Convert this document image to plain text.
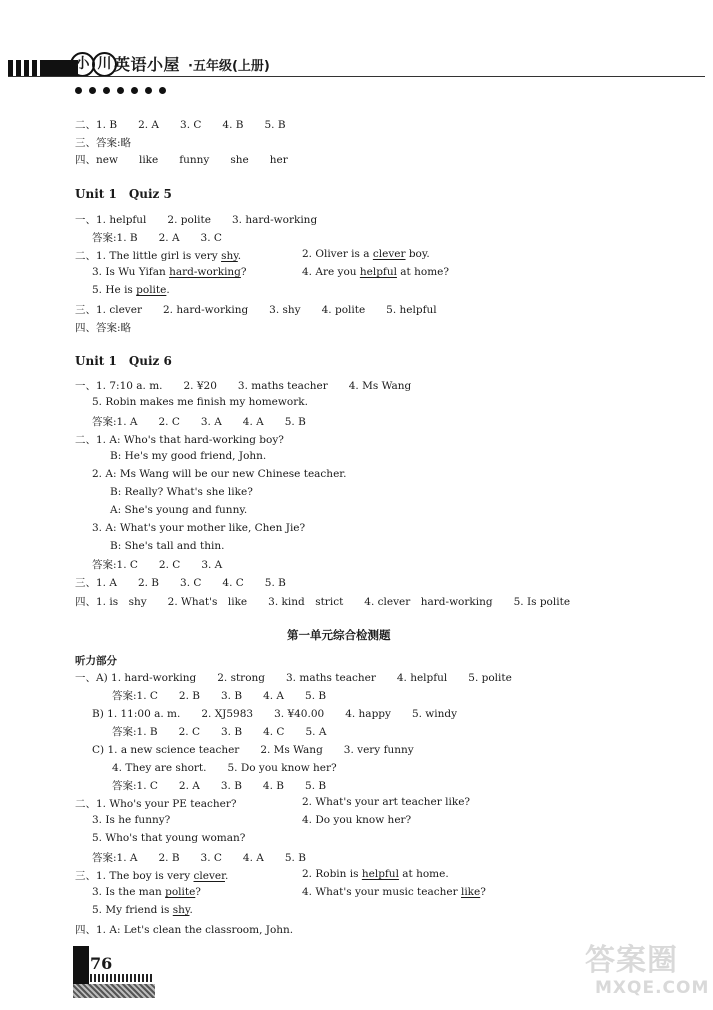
小 川 英语小屋 ·五年级(上册)
二、1. B　　2. A　　3. C　　4. B　　5. B
三、答案:略
四、new　　like　　funny　　she　　her
Unit 1　Quiz 5
一、1. helpful　　2. polite　　3. hard-working
答案:1. B　　2. A　　3. C
二、1. The little girl is very shy.	2. Oliver is a clever boy.
3. Is Wu Yifan hard-working?	4. Are you helpful at home?
5. He is polite.
三、1. clever　　2. hard-working　　3. shy　　4. polite　　5. helpful
四、答案:略
Unit 1　Quiz 6
一、1. 7:10 a. m.　　2. ¥20　　3. maths teacher　　4. Ms Wang
5. Robin makes me finish my homework.
答案:1. A　　2. C　　3. A　　4. A　　5. B
二、1. A: Who's that hard-working boy?
B: He's my good friend, John.
2. A: Ms Wang will be our new Chinese teacher.
B: Really? What's she like?
A: She's young and funny.
3. A: What's your mother like, Chen Jie?
B: She's tall and thin.
答案:1. C　　2. C　　3. A
三、1. A　　2. B　　3. C　　4. C　　5. B
四、1. is　shy　　2. What's　like　　3. kind　strict　　4. clever　hard-working　　5. Is polite
第一单元综合检测题
听力部分
一、A) 1. hard-working　　2. strong　　3. maths teacher　　4. helpful　　5. polite
答案:1. C　　2. B　　3. B　　4. A　　5. B
B) 1. 11:00 a. m.　　2. XJ5983　　3. ¥40.00　　4. happy　　5. windy
答案:1. B　　2. C　　3. B　　4. C　　5. A
C) 1. a new science teacher　　2. Ms Wang　　3. very funny
4. They are short.　　5. Do you know her?
答案:1. C　　2. A　　3. B　　4. B　　5. B
二、1. Who's your PE teacher?	2. What's your art teacher like?
3. Is he funny?	4. Do you know her?
5. Who's that young woman?
答案:1. A　　2. B　　3. C　　4. A　　5. B
三、1. The boy is very clever.	2. Robin is helpful at home.
3. Is the man polite?	4. What's your music teacher like?
5. My friend is shy.
四、1. A: Let's clean the classroom, John.
76	答案圈
MXQE.COM
